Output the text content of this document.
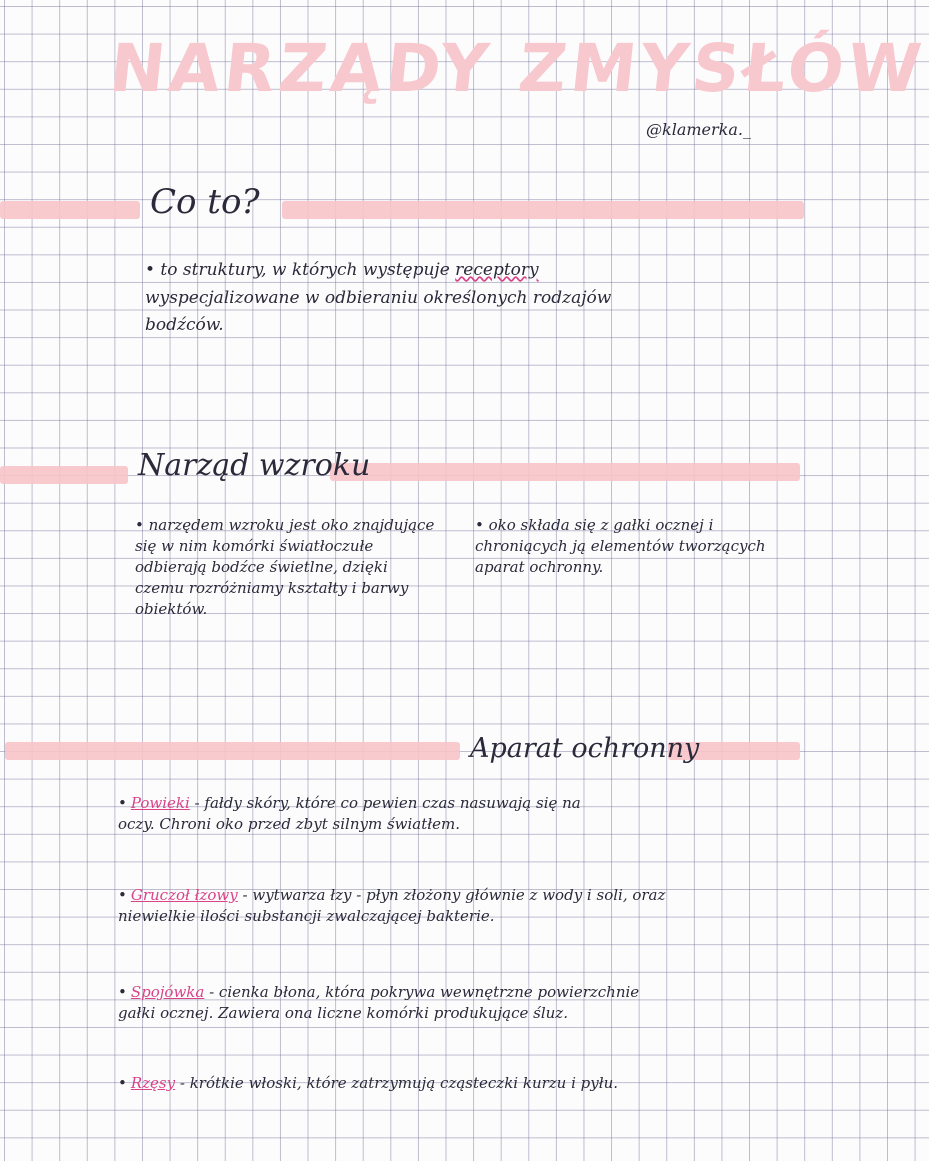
NARZĄDY ZMYSŁÓW
@klamerka._
Co to?
• to struktury, w których występuje receptory wyspecjalizowane w odbieraniu określonych rodzajów bodźców.
Narząd wzroku
• narzędem wzroku jest oko znajdujące się w nim komórki światłoczułe odbierają bodźce świetlne, dzięki czemu rozróżniamy kształty i barwy obiektów.
• oko składa się z gałki ocznej i chroniących ją elementów tworzących aparat ochronny.
Aparat ochronny
• Powieki - fałdy skóry, które co pewien czas nasuwają się na oczy. Chroni oko przed zbyt silnym światłem.
• Gruczoł łzowy - wytwarza łzy - płyn złożony głównie z wody i soli, oraz niewielkie ilości substancji zwalczającej bakterie.
• Spojówka - cienka błona, która pokrywa wewnętrzne powierzchnie gałki ocznej. Zawiera ona liczne komórki produkujące śluz.
• Rzęsy - krótkie włoski, które zatrzymują cząsteczki kurzu i pyłu.
